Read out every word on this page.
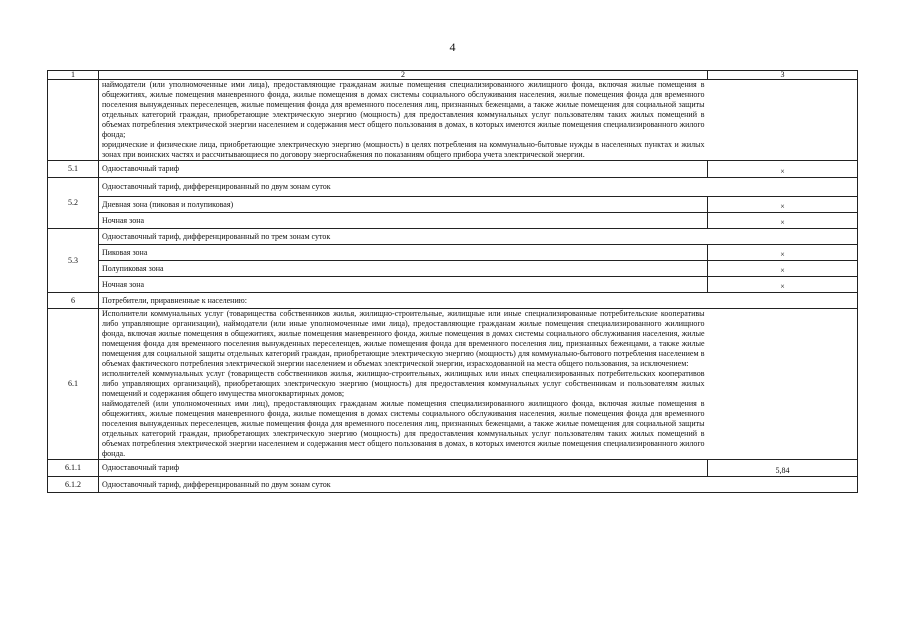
4
1	2	3

	наймодатели (или уполномоченные ими лица), предоставляющие гражданам жилые помещения специализированного жилищного фонда, включая жилые помещения в общежитиях, жилые помещения маневренного фонда, жилые помещения в домах системы социального обслуживания населения, жилые помещения фонда для временного поселения вынужденных переселенцев, жилые помещения фонда для временного поселения лиц, признанных беженцами, а также жилые помещения для социальной защиты отдельных категорий граждан, приобретающие электрическую энергию (мощность) для предоставления коммунальных услуг пользователям таких жилых помещений в объемах потребления электрической энергии населением и содержания мест общего пользования в домах, в которых имеются жилые помещения специализированного жилого фонда;

юридические и физические лица, приобретающие электрическую энергию (мощность) в целях потребления на коммунально-бытовые нужды в населенных пунктах и жилых зонах при воинских частях и рассчитывающиеся по договору энергоснабжения по показаниям общего прибора учета электрической энергии.	

5.1	Одноставочный тариф	×
5.2	Одноставочный тариф, дифференцированный по двум зонам суток	
	Дневная зона (пиковая и полупиковая)	×
	Ночная зона	×
5.3	Одноставочный тариф, дифференцированный по трем зонам суток	
	Пиковая зона	×
	Полупиковая зона	×
	Ночная зона	×
6	Потребители, приравненные к населению:	
6.1	Исполнители коммунальных услуг (товарищества собственников жилья, жилищно-строительные, жилищные или иные специализированные потребительские кооперативы либо управляющие организации), наймодатели (или иные уполномоченные ими лица), предоставляющие гражданам жилые помещения специализированного жилищного фонда, включая жилые помещения в общежитиях, жилые помещения маневренного фонда, жилые помещения в домах системы социального обслуживания населения, жилые помещения фонда для временного поселения вынужденных переселенцев, жилые помещения фонда для временного поселения лиц, признанных беженцами, а также жилые помещения для социальной защиты отдельных категорий граждан, приобретающие электрическую энергию (мощность) для коммунально-бытового потребления населением в объемах фактического потребления электрической энергии населением и объемах электрической энергии, израсходованной на места общего пользования, за исключением:

исполнителей коммунальных услуг (товариществ собственников жилья, жилищно-строительных, жилищных или иных специализированных потребительских кооперативов либо управляющих организаций), приобретающих электрическую энергию (мощность) для предоставления коммунальных услуг собственникам и пользователям жилых помещений и содержания общего имущества многоквартирных домов;

наймодателей (или уполномоченных ими лиц), предоставляющих гражданам жилые помещения специализированного жилищного фонда, включая жилые помещения в общежитиях, жилые помещения маневренного фонда, жилые помещения в домах системы социального обслуживания населения, жилые помещения фонда для временного поселения вынужденных переселенцев, жилые помещения фонда для временного поселения лиц, признанных беженцами, а также жилые помещения для социальной защиты отдельных категорий граждан, приобретающих электрическую энергию (мощность) для предоставления коммунальных услуг пользователям таких жилых помещений в объемах потребления электрической энергии населением и содержания мест общего пользования в домах, в которых имеются жилые помещения специализированного жилого фонда.	

6.1.1	Одноставочный тариф	5,84
6.1.2	Одноставочный тариф, дифференцированный по двум зонам суток	
